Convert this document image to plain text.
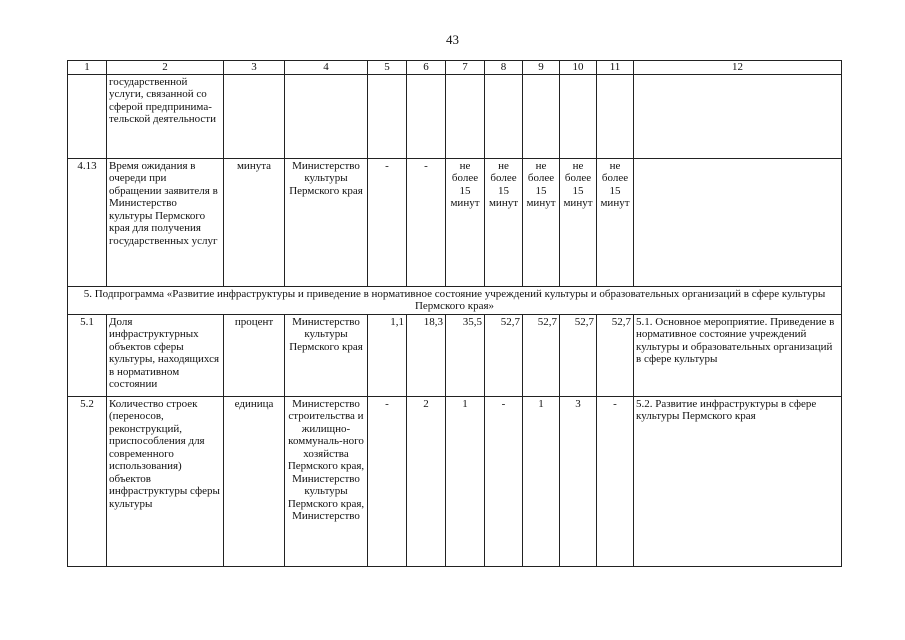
43
1	2	3	4	5	6	7	8	9	10	11	12
	государственной услуги, связанной со сферой предпринима-тельской деятельности										
4.13	Время ожидания в очереди при обращении заявителя в Министерство культуры Пермского края для получения государственных услуг	минута	Министерство культуры Пермского края	-	-	не более 15 минут	не более 15 минут	не более 15 минут	не более 15 минут	не более 15 минут	
5. Подпрограмма «Развитие инфраструктуры и приведение в нормативное состояние учреждений культуры и образовательных организаций в сфере культуры Пермского края»											
5.1	Доля инфраструктурных объектов сферы культуры, находящихся в нормативном состоянии	процент	Министерство культуры Пермского края	1,1	18,3	35,5	52,7	52,7	52,7	52,7	5.1. Основное мероприятие. Приведение в нормативное состояние учреждений культуры и образовательных организаций в сфере культуры
5.2	Количество строек (переносов, реконструкций, приспособления для современного использования) объектов инфраструктуры сферы культуры	единица	Министерство строительства и жилищно-коммуналь-ного хозяйства Пермского края, Министерство культуры Пермского края, Министерство	-	2	1	-	1	3	-	5.2. Развитие инфраструктуры в сфере культуры Пермского края
